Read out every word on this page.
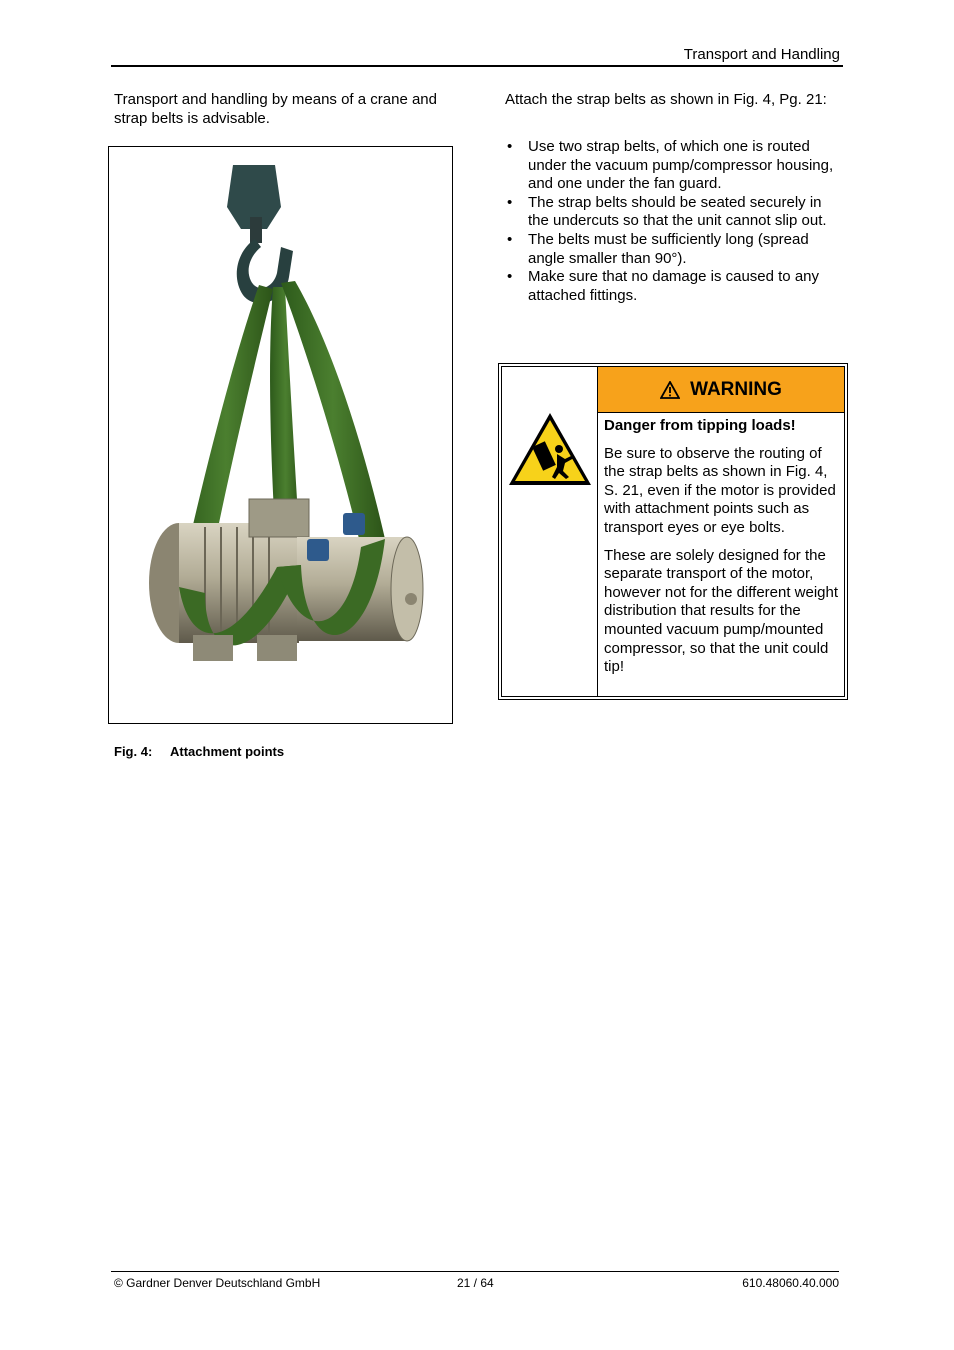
Transport and Handling
Transport and handling by means of a crane and strap belts is advisable.
Fig. 4: Attachment points
Attach the strap belts as shown in Fig. 4, Pg. 21:
• Use two strap belts, of which one is routed under the vacuum pump/compressor housing, and one under the fan guard.
• The strap belts should be seated securely in the undercuts so that the unit cannot slip out.
• The belts must be sufficiently long (spread angle smaller than 90°).
• Make sure that no damage is caused to any attached fittings.
WARNING

Danger from tipping loads!

Be sure to observe the routing of the strap belts as shown in Fig. 4, S. 21, even if the motor is provided with attachment points such as transport eyes or eye bolts.

These are solely designed for the separate transport of the motor, however not for the different weight distribution that results for the mounted vacuum pump/mounted compressor, so that the unit could tip!

© Gardner Denver Deutschland GmbH	21 / 64	610.48060.40.000
